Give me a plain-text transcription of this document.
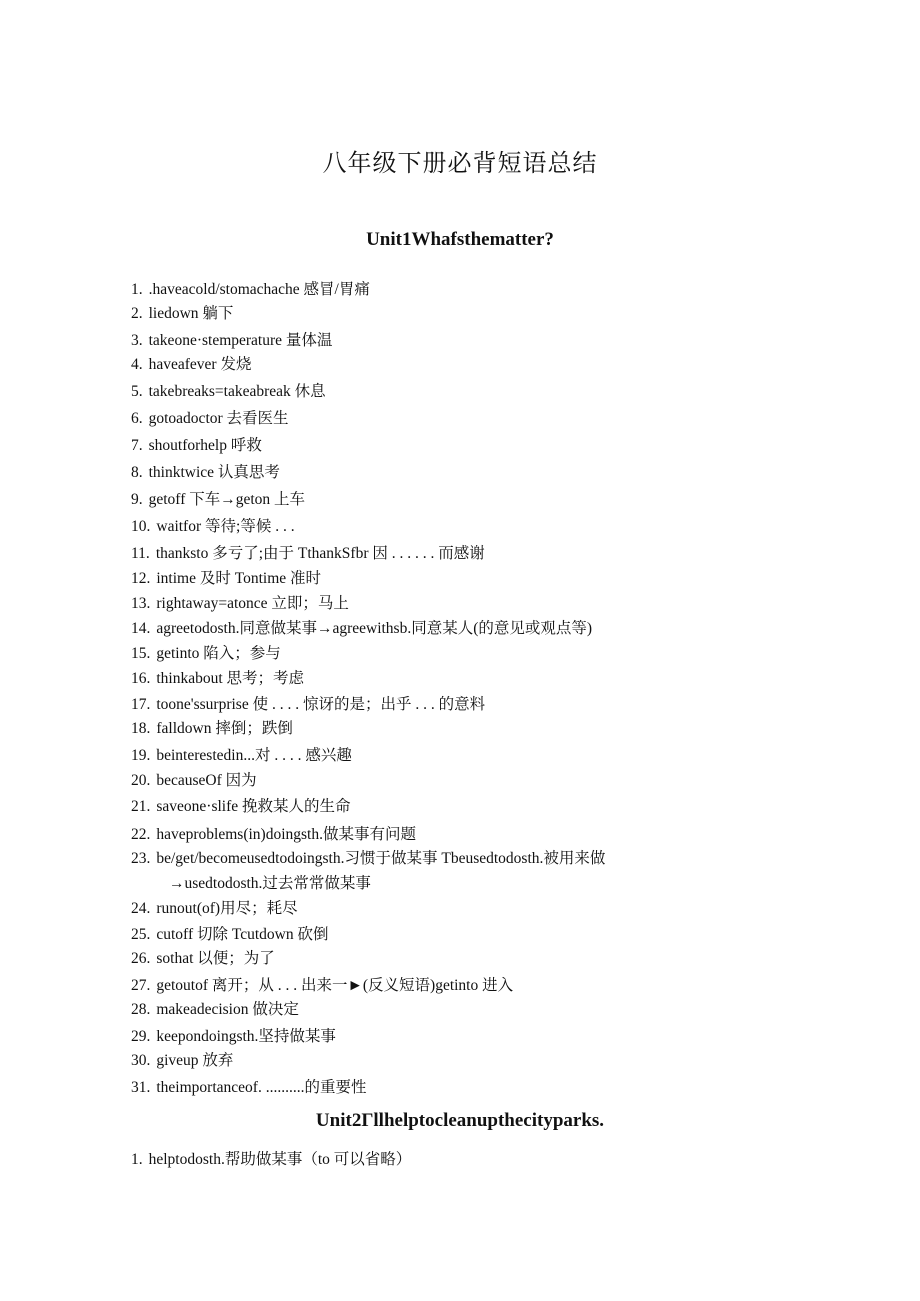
八年级下册必背短语总结
Unit1Whafsthematter?
1. .haveacold/stomachache 感冒/胃痛
2. liedown 躺下
3. takeone·stemperature 量体温
4. haveafever 发烧
5. takebreaks=takeabreak 休息
6. gotoadoctor 去看医生
7. shoutforhelp 呼救
8. thinktwice 认真思考
9. getoff 下车→geton 上车
10. waitfor 等待;等候 . . .
11. thanksto 多亏了;由于 TthankSfbr 因 . . . . . . 而感谢
12. intime 及时 Tontime 准时
13. rightaway=atonce 立即；马上
14. agreetodosth.同意做某事→agreewithsb.同意某人(的意见或观点等)
15. getinto 陷入；参与
16. thinkabout 思考；考虑
17. toone'ssurprise 使 . . . . 惊讶的是；出乎 . . . 的意料
18. falldown 摔倒；跌倒
19. beinterestedin...对 . . . . 感兴趣
20. becauseOf 因为
21. saveone·slife 挽救某人的生命
22. haveproblems(in)doingsth.做某事有问题
23. be/get/becomeusedtodoingsth.习惯于做某事 Tbeusedtodosth.被用来做
→usedtodosth.过去常常做某事
24. runout(of)用尽；耗尽
25. cutoff 切除 Tcutdown 砍倒
26. sothat 以便；为了
27. getoutof 离开；从 . . . 出来一►(反义短语)getinto 进入
28. makeadecision 做决定
29. keepondoingsth.坚持做某事
30. giveup 放弃
31. theimportanceof. ..........的重要性
Unit2Γllhelptocleanupthecityparks.
1. helptodosth.帮助做某事（to 可以省略）
